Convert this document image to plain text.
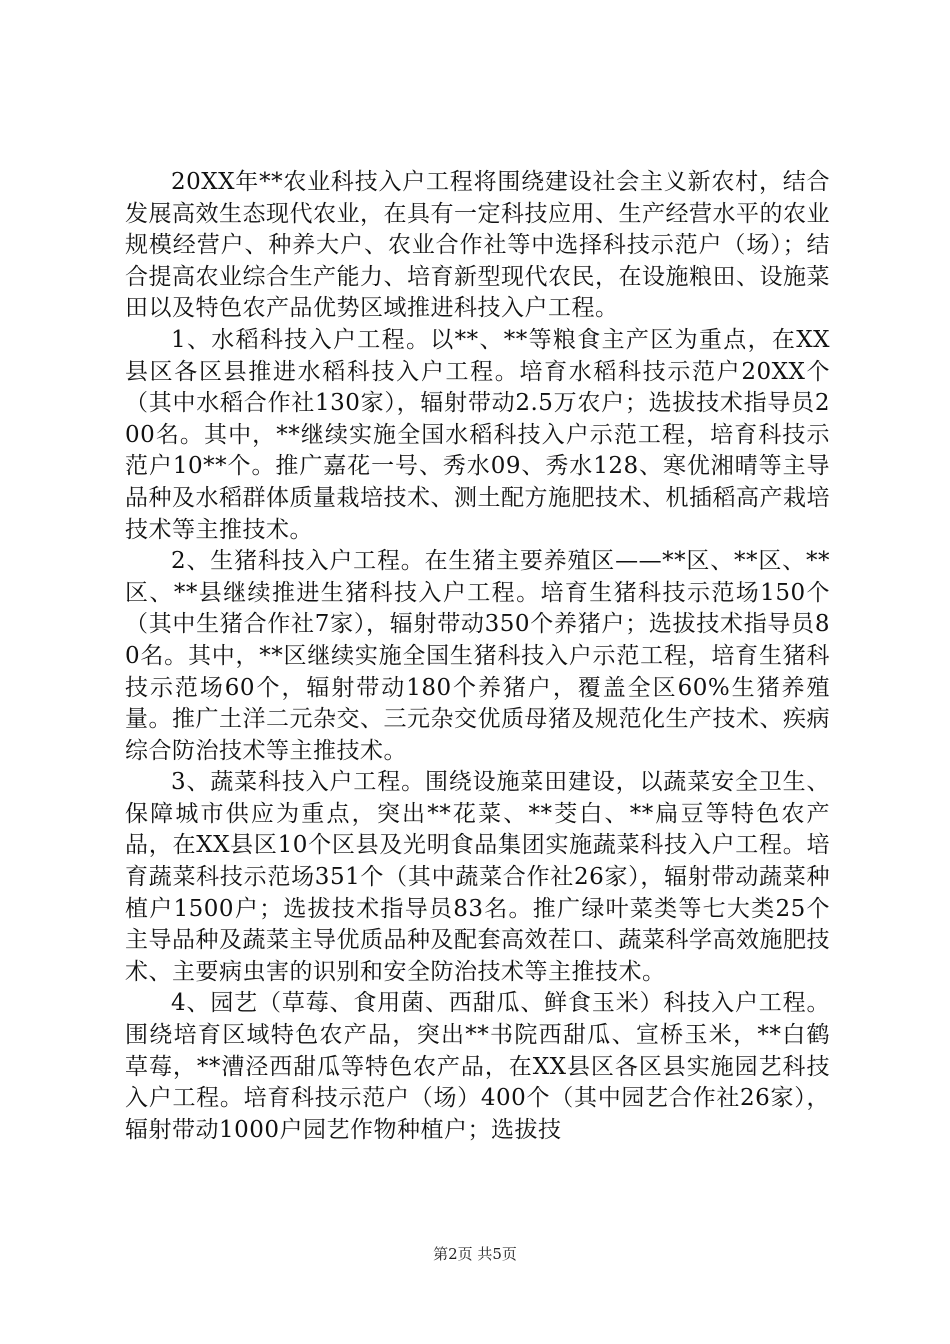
20XX年**农业科技入户工程将围绕建设社会主义新农村，结合发展高效生态现代农业，在具有一定科技应用、生产经营水平的农业规模经营户、种养大户、农业合作社等中选择科技示范户（场）；结合提高农业综合生产能力、培育新型现代农民，在设施粮田、设施菜田以及特色农产品优势区域推进科技入户工程。

1、水稻科技入户工程。以**、**等粮食主产区为重点，在XX县区各区县推进水稻科技入户工程。培育水稻科技示范户20XX个（其中水稻合作社130家），辐射带动2.5万农户；选拔技术指导员200名。其中，**继续实施全国水稻科技入户示范工程，培育科技示范户10**个。推广嘉花一号、秀水09、秀水128、寒优湘晴等主导品种及水稻群体质量栽培技术、测土配方施肥技术、机插稻高产栽培技术等主推技术。

2、生猪科技入户工程。在生猪主要养殖区——**区、**区、**区、**县继续推进生猪科技入户工程。培育生猪科技示范场150个（其中生猪合作社7家），辐射带动350个养猪户；选拔技术指导员80名。其中，**区继续实施全国生猪科技入户示范工程，培育生猪科技示范场60个，辐射带动180个养猪户，覆盖全区60%生猪养殖量。推广土洋二元杂交、三元杂交优质母猪及规范化生产技术、疾病综合防治技术等主推技术。

3、蔬菜科技入户工程。围绕设施菜田建设，以蔬菜安全卫生、保障城市供应为重点，突出**花菜、**茭白、**扁豆等特色农产品，在XX县区10个区县及光明食品集团实施蔬菜科技入户工程。培育蔬菜科技示范场351个（其中蔬菜合作社26家），辐射带动蔬菜种植户1500户；选拔技术指导员83名。推广绿叶菜类等七大类25个主导品种及蔬菜主导优质品种及配套高效茬口、蔬菜科学高效施肥技术、主要病虫害的识别和安全防治技术等主推技术。

4、园艺（草莓、食用菌、西甜瓜、鲜食玉米）科技入户工程。围绕培育区域特色农产品，突出**书院西甜瓜、宣桥玉米，**白鹤草莓，**漕泾西甜瓜等特色农产品，在XX县区各区县实施园艺科技入户工程。培育科技示范户（场）400个（其中园艺合作社26家），辐射带动1000户园艺作物种植户；选拔技

第2页 共5页
